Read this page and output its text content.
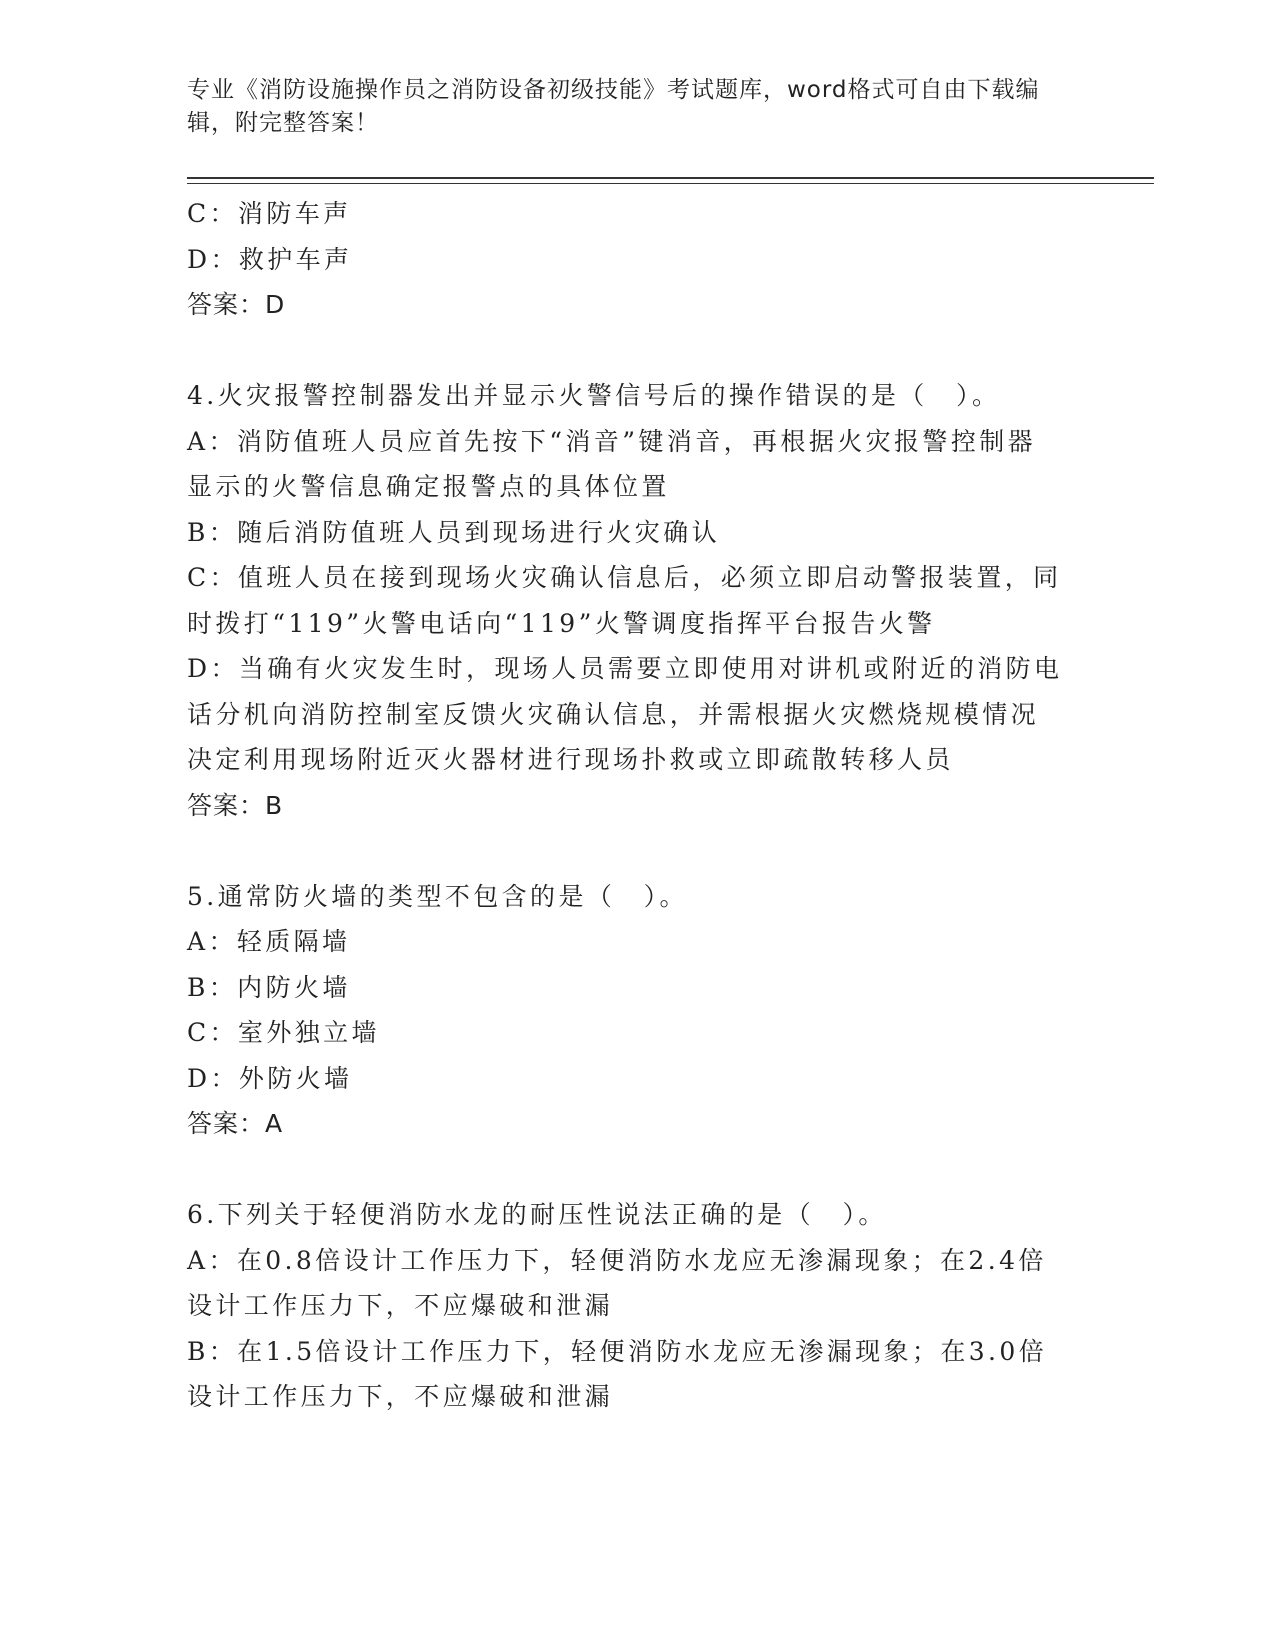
专业《消防设施操作员之消防设备初级技能》考试题库，word格式可自由下载编
辑，附完整答案！
C：消防车声
D：救护车声
答案：D
4.火灾报警控制器发出并显示火警信号后的操作错误的是（　）。
A：消防值班人员应首先按下“消音”键消音，再根据火灾报警控制器
显示的火警信息确定报警点的具体位置
B：随后消防值班人员到现场进行火灾确认
C：值班人员在接到现场火灾确认信息后，必须立即启动警报装置，同
时拨打“119”火警电话向“119”火警调度指挥平台报告火警
D：当确有火灾发生时，现场人员需要立即使用对讲机或附近的消防电
话分机向消防控制室反馈火灾确认信息，并需根据火灾燃烧规模情况
决定利用现场附近灭火器材进行现场扑救或立即疏散转移人员
答案：B
5.通常防火墙的类型不包含的是（　）。
A：轻质隔墙
B：内防火墙
C：室外独立墙
D：外防火墙
答案：A
6.下列关于轻便消防水龙的耐压性说法正确的是（　）。
A：在0.8倍设计工作压力下，轻便消防水龙应无渗漏现象；在2.4倍
设计工作压力下，不应爆破和泄漏
B：在1.5倍设计工作压力下，轻便消防水龙应无渗漏现象；在3.0倍
设计工作压力下，不应爆破和泄漏
